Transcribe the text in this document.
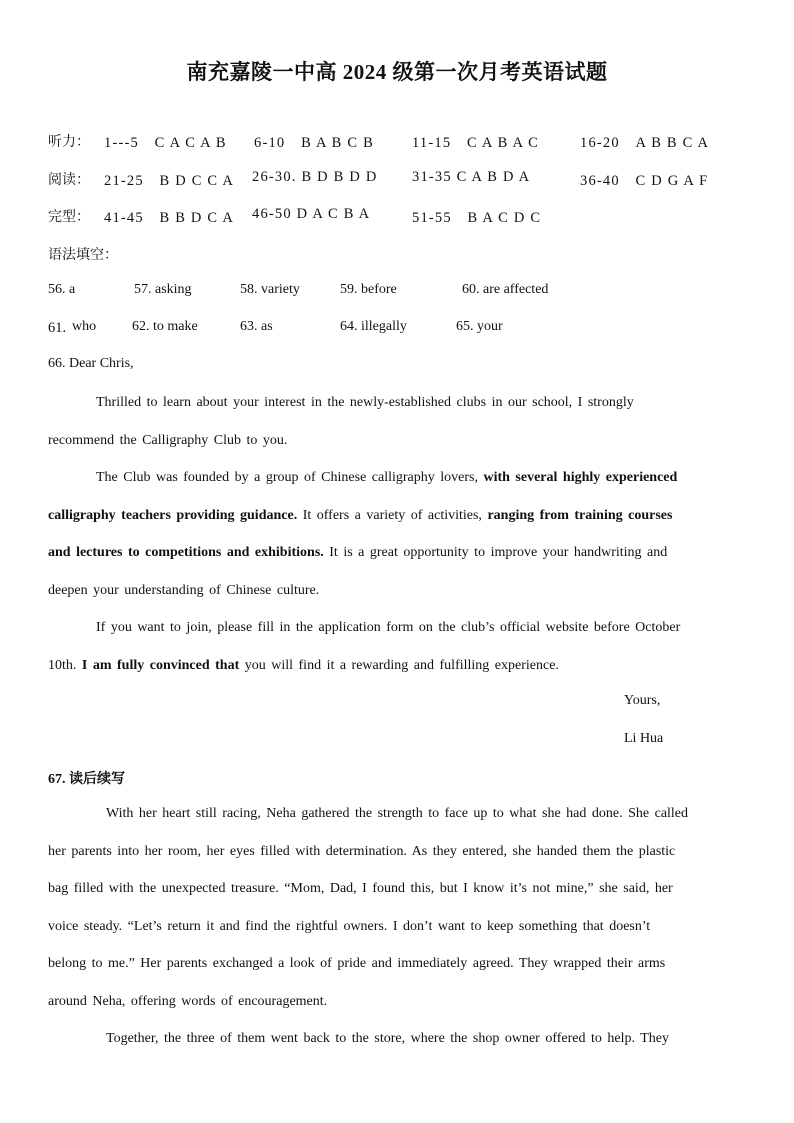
南充嘉陵一中高 2024 级第一次月考英语试题
听力： 1---5　C A C A B 6-10　B A B C B	11-15　C A B A C	16-20　A B B C A
阅读： 21-25　B D C C A 26-30. B D B D D 31-35 C A B D A	36-40　C D G A F
完型： 41-45　B B D C A 46-50 D A C B A	51-55　B A C D C
语法填空：
56. a	57. asking	58. variety	59. before	60. are affected
61. who	62. to make	63. as	64. illegally	65. your
66. Dear Chris,
Thrilled to learn about your interest in the newly-established clubs in our school, I strongly
recommend the Calligraphy Club to you.
The Club was founded by a group of Chinese calligraphy lovers, with several highly experienced
calligraphy teachers providing guidance. It offers a variety of activities, ranging from training courses
and lectures to competitions and exhibitions. It is a great opportunity to improve your handwriting and
deepen your understanding of Chinese culture.
If you want to join, please fill in the application form on the club’s official website before October
10th. I am fully convinced that you will find it a rewarding and fulfilling experience.
Yours,
Li Hua
67. 读后续写
With her heart still racing, Neha gathered the strength to face up to what she had done. She called
her parents into her room, her eyes filled with determination. As they entered, she handed them the plastic
bag filled with the unexpected treasure. “Mom, Dad, I found this, but I know it’s not mine,” she said, her
voice steady. “Let’s return it and find the rightful owners. I don’t want to keep something that doesn’t
belong to me.” Her parents exchanged a look of pride and immediately agreed. They wrapped their arms
around Neha, offering words of encouragement.
Together, the three of them went back to the store, where the shop owner offered to help. They
